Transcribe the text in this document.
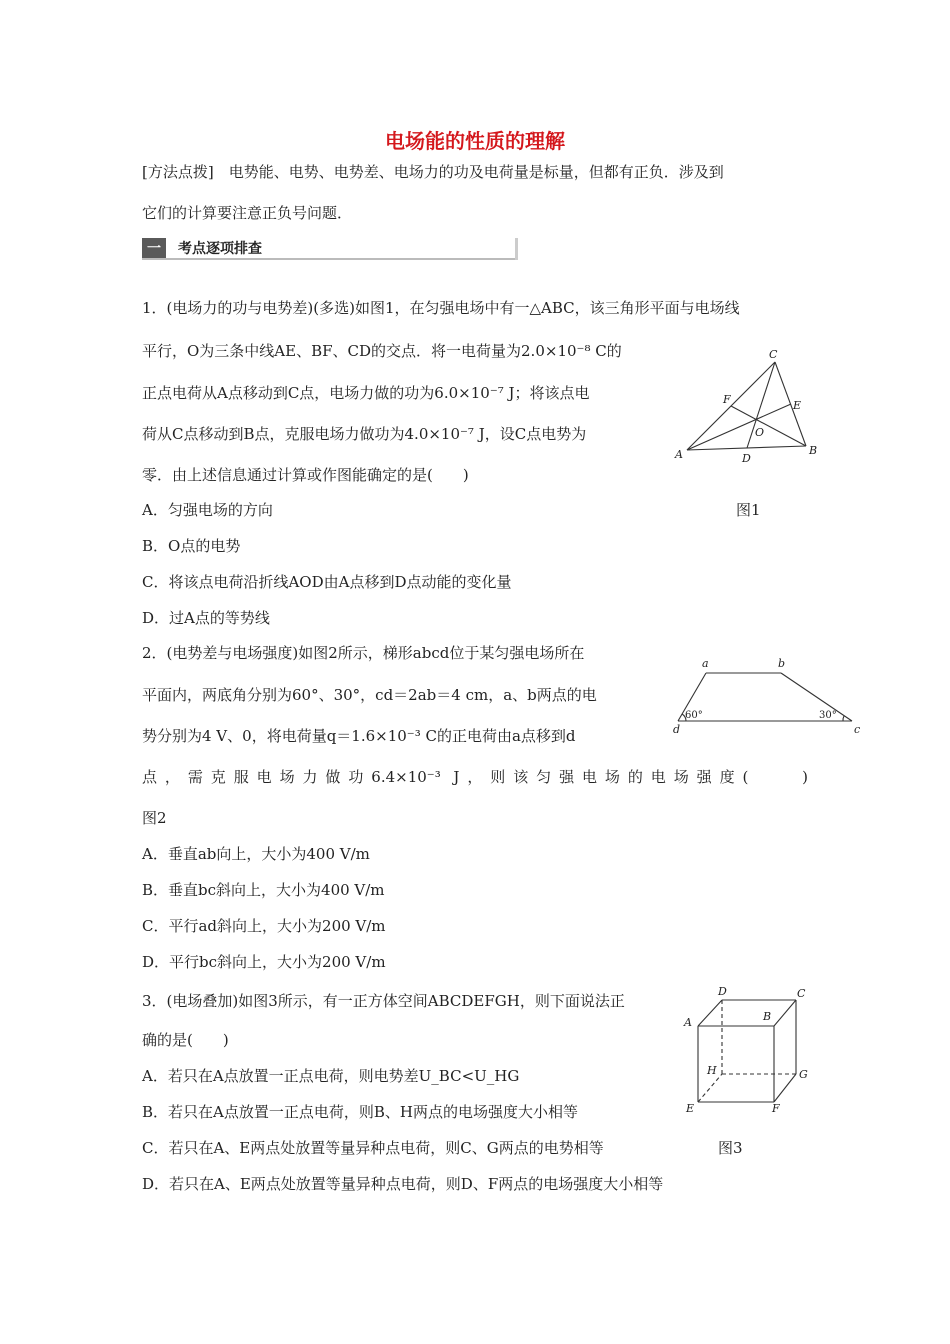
电场能的性质的理解
[方法点拨]　电势能、电势、电势差、电场力的功及电荷量是标量，但都有正负．涉及到
它们的计算要注意正负号问题．
一	考点逐项排查
1．(电场力的功与电势差)(多选)如图1，在匀强电场中有一△ABC，该三角形平面与电场线
平行，O为三条中线AE、BF、CD的交点．将一电荷量为2.0×10⁻⁸ C的
正点电荷从A点移动到C点，电场力做的功为6.0×10⁻⁷ J；将该点电
荷从C点移动到B点，克服电场力做功为4.0×10⁻⁷ J，设C点电势为
零．由上述信息通过计算或作图能确定的是(　　)
A．匀强电场的方向
B．O点的电势
C．将该点电荷沿折线AOD由A点移到D点动能的变化量
D．过A点的等势线
图1
C
A	B
D
E
F
O
2．(电势差与电场强度)如图2所示，梯形abcd位于某匀强电场所在
平面内，两底角分别为60°、30°，cd＝2ab＝4 cm，a、b两点的电
势分别为4 V、0，将电荷量q＝1.6×10⁻³ C的正电荷由a点移到d
点，需克服电场力做功6.4×10⁻³ J，则该匀强电场的电场强度(　　)
图2
A．垂直ab向上，大小为400 V/m
B．垂直bc斜向上，大小为400 V/m
C．平行ad斜向上，大小为200 V/m
D．平行bc斜向上，大小为200 V/m
a	b
c
d
60°	30°
3．(电场叠加)如图3所示，有一正方体空间ABCDEFGH，则下面说法正
确的是(　　)
A．若只在A点放置一正点电荷，则电势差U_BC<U_HG
B．若只在A点放置一正点电荷，则B、H两点的电场强度大小相等
C．若只在A、E两点处放置等量异种点电荷，则C、G两点的电势相等
D．若只在A、E两点处放置等量异种点电荷，则D、F两点的电场强度大小相等
图3
D	C
A	B
H	G
E	F
